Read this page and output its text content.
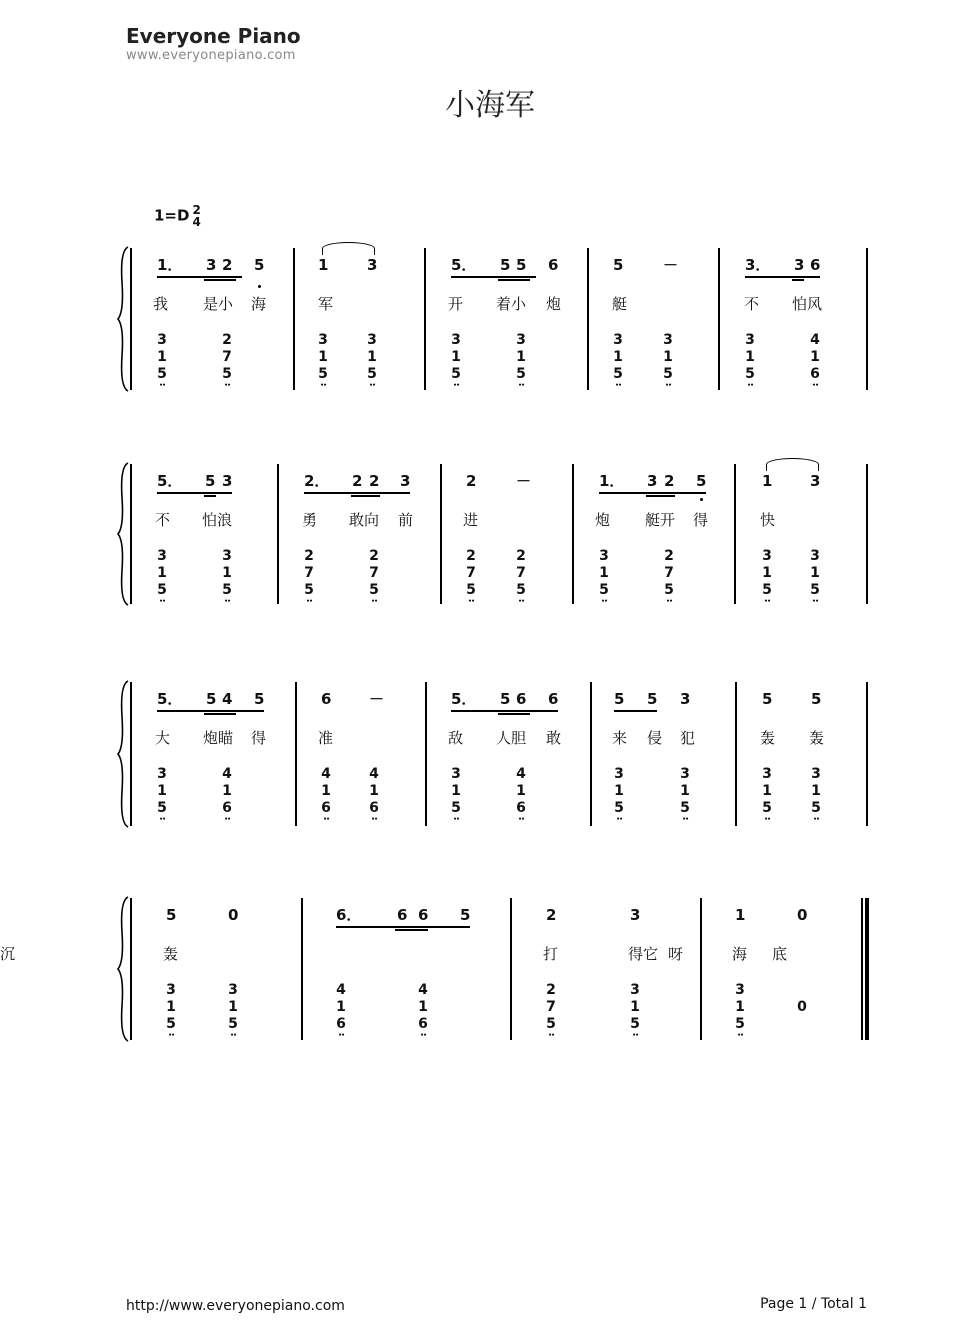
Everyone Piano
www.everyonepiano.com
小海军
1=D 2
4
1． 3 2 5
我 是小 海
3
1
5
• •
2
7
5
• •
1	3
军
3
1
5
• •
3
1
5
• •
5． 5 5 6
开 着小 炮
3
1
5
• •
3
1
5
• •
5	－
艇
3
1
5
• •
3
1
5
• •
3． 3 6
不 怕风
3
1
5
• •
4
1
6
• •
5． 5 3
不 怕浪
3
1
5
• •
3
1
5
• •
2． 2 2 3
勇 敢向 前
2
7
5
• •
2
7
5
• •
2	－
进
2
7
5
• •
2
7
5
• •
1． 3 2 5
炮 艇开 得
3
1
5
• •
2
7
5
• •
1	3
快
3
1
5
• •
3
1
5
• •
5． 5 4 5
大 炮瞄 得
3
1
5
• •
4
1
6
• •
6	－
准
4
1
6
• •
4
1
6
• •
5． 5 6 6
敌 人胆 敢
3
1
5
• •
4
1
6
• •
5 5 3
来 侵 犯
3
1
5
• •
3
1
5
• •
5	5
轰 轰
3
1
5
• •
3
1
5
• •
5	0
轰
3
1
5
• •
3
1
5
• •
6． 6 6 5
打	得它 呀
4
1
6
• •
4
1
6
• •
2	3
海 底
2
7
5
• •
3
1
5
• •
1	0
沉
3
1
5
• •
0
http://www.everyonepiano.com	Page 1 / Total 1
